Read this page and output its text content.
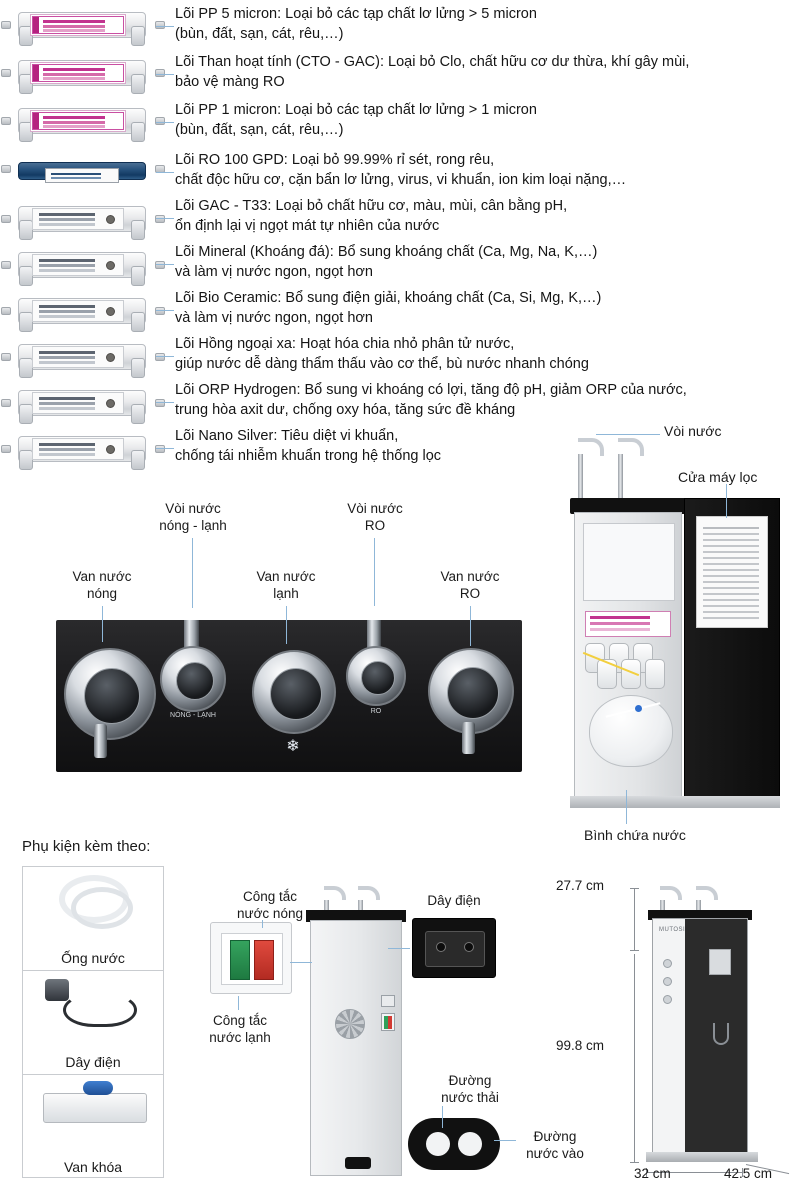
Lõi PP 5 micron: Loại bỏ các tạp chất lơ lửng > 5 micron
(bùn, đất, sạn, cát, rêu,…)
Lõi Than hoạt tính (CTO - GAC): Loại bỏ Clo, chất hữu cơ dư thừa, khí gây mùi,
bảo vệ màng RO
Lõi PP 1 micron: Loại bỏ các tạp chất lơ lửng > 1 micron
(bùn, đất, sạn, cát, rêu,…)
Lõi RO 100 GPD: Loại bỏ 99.99% rỉ sét, rong rêu,
chất độc hữu cơ, cặn bẩn lơ lửng, virus, vi khuẩn, ion kim loại nặng,…
Lõi GAC - T33: Loại bỏ chất hữu cơ, màu, mùi, cân bằng pH,
ổn định lại vị ngọt mát tự nhiên của nước
Lõi Mineral (Khoáng đá): Bổ sung khoáng chất (Ca, Mg, Na, K,…)
và làm vị nước ngon, ngọt hơn
Lõi Bio Ceramic: Bổ sung điện giải, khoáng chất (Ca, Si, Mg, K,…)
và làm vị nước ngon, ngọt hơn
Lõi Hồng ngoại xa: Hoạt hóa chia nhỏ phân tử nước,
giúp nước dễ dàng thẩm thấu vào cơ thể, bù nước nhanh chóng
Lõi ORP Hydrogen: Bổ sung vi khoáng có lợi, tăng độ pH, giảm ORP của nước,
trung hòa axit dư, chống oxy hóa, tăng sức đề kháng
Lõi Nano Silver: Tiêu diệt vi khuẩn,
chống tái nhiễm khuẩn trong hệ thống lọc
NÓNG - LẠNH
❄
RO
Van nước
nóng
Vòi nước
nóng - lạnh
Van nước
lạnh
Vòi nước
RO
Van nước
RO
Vòi nước
Cửa máy lọc
Bình chứa nước
Phụ kiện kèm theo:
Ống nước
Dây điện
Van khóa
Công tắc
nước nóng
Công tắc
nước lạnh
Dây điện
Đường
nước thải
Đường
nước vào
MUTOSI
27.7 cm
99.8 cm
32 cm	42.5 cm
